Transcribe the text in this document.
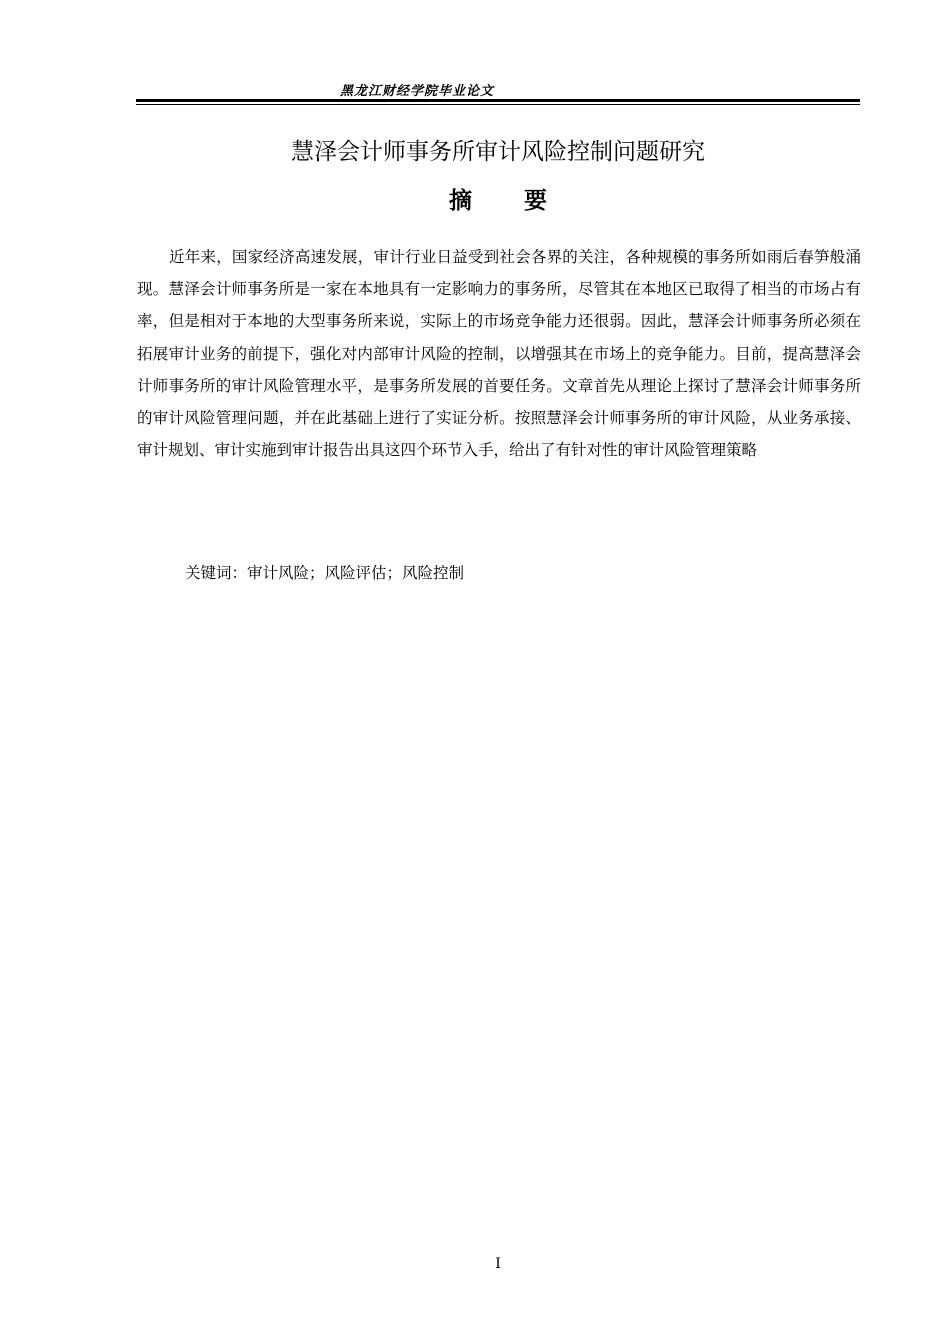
黑龙江财经学院毕业论文
慧泽会计师事务所审计风险控制问题研究
摘要

近年来，国家经济高速发展，审计行业日益受到社会各界的关注，各种规模的事务所如雨后春笋般涌现。慧泽会计师事务所是一家在本地具有一定影响力的事务所，尽管其在本地区已取得了相当的市场占有率，但是相对于本地的大型事务所来说，实际上的市场竞争能力还很弱。因此，慧泽会计师事务所必须在拓展审计业务的前提下，强化对内部审计风险的控制，以增强其在市场上的竞争能力。目前，提高慧泽会计师事务所的审计风险管理水平，是事务所发展的首要任务。文章首先从理论上探讨了慧泽会计师事务所的审计风险管理问题，并在此基础上进行了实证分析。按照慧泽会计师事务所的审计风险，从业务承接、审计规划、审计实施到审计报告出具这四个环节入手，给出了有针对性的审计风险管理策略

关键词：审计风险；风险评估；风险控制
I
